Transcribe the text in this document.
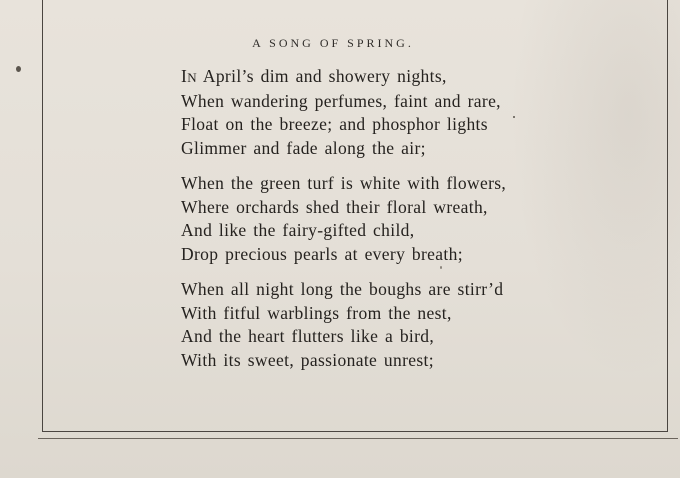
A SONG OF SPRING.
IN April’s dim and showery nights,
When wandering perfumes, faint and rare,
Float on the breeze; and phosphor lights
Glimmer and fade along the air;
When the green turf is white with flowers,
Where orchards shed their floral wreath,
And like the fairy-gifted child,
Drop precious pearls at every breath;
When all night long the boughs are stirr’d
With fitful warblings from the nest,
And the heart flutters like a bird,
With its sweet, passionate unrest;
